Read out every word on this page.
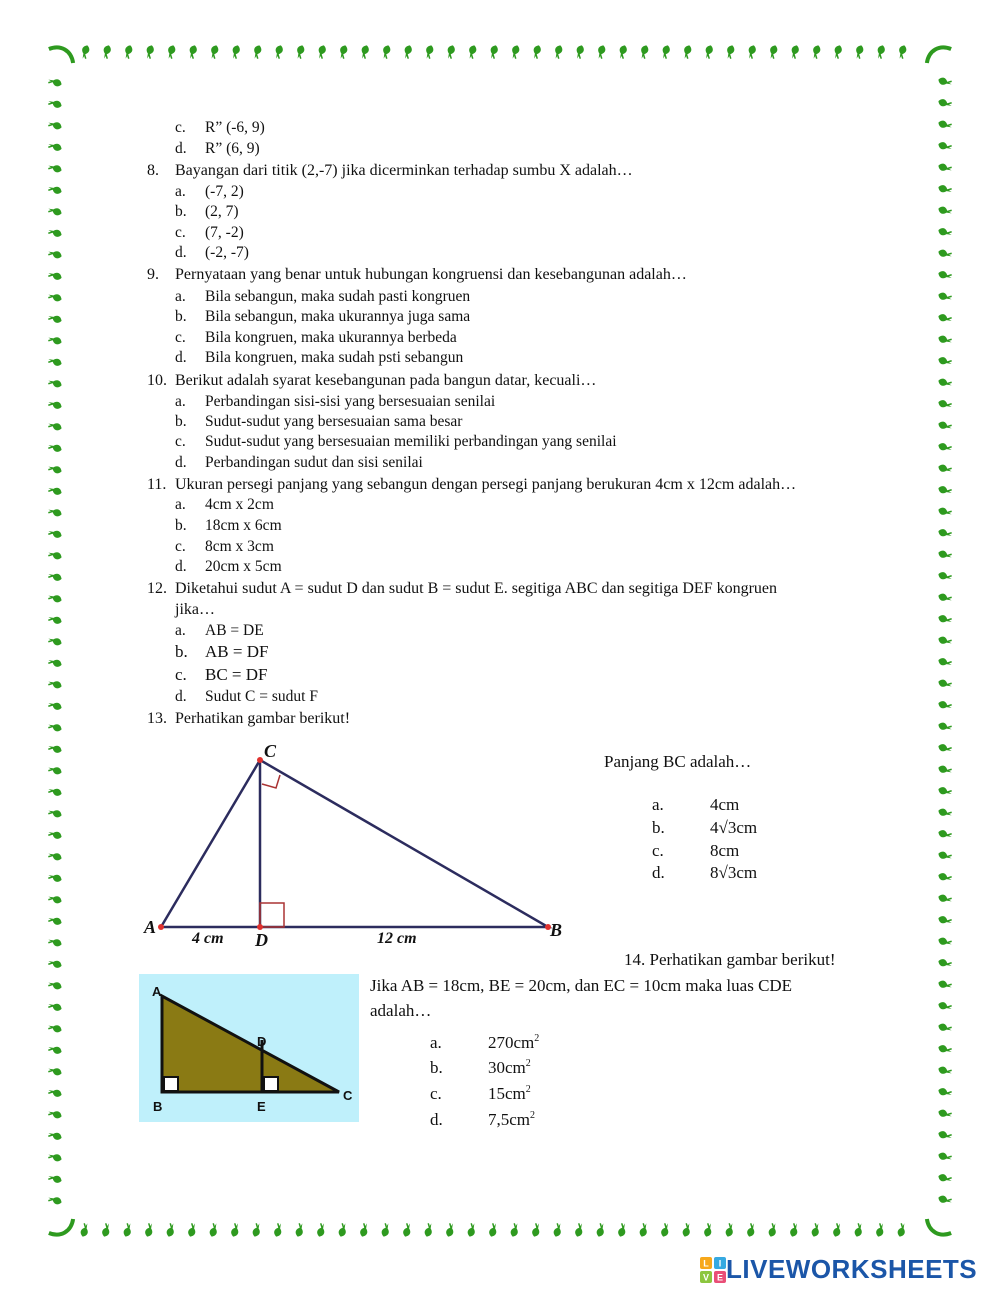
c. R” (-6, 9)
d. R” (6, 9)
8. Bayangan dari titik (2,-7) jika dicerminkan terhadap sumbu X adalah…
a. (-7, 2)
b. (2, 7)
c. (7, -2)
d. (-2, -7)
9. Pernyataan yang benar untuk hubungan kongruensi dan kesebangunan adalah…
a. Bila sebangun, maka sudah pasti kongruen
b. Bila sebangun, maka ukurannya juga sama
c. Bila kongruen, maka ukurannya berbeda
d. Bila kongruen, maka sudah psti sebangun
10. Berikut adalah syarat kesebangunan pada bangun datar, kecuali…
a. Perbandingan sisi-sisi yang bersesuaian senilai
b. Sudut-sudut yang bersesuaian sama besar
c. Sudut-sudut yang bersesuaian memiliki perbandingan yang senilai
d. Perbandingan sudut dan sisi senilai
11. Ukuran persegi panjang yang sebangun dengan persegi panjang berukuran 4cm x 12cm adalah…
a. 4cm x 2cm
b. 18cm x 6cm
c. 8cm x 3cm
d. 20cm x 5cm
12. Diketahui sudut A = sudut D dan sudut B = sudut E. segitiga ABC dan segitiga DEF kongruen
jika…
a. AB = DE
b. AB = DF
c. BC = DF
d. Sudut C = sudut F
13. Perhatikan gambar berikut!
C
A	B
D
4 cm	12 cm
Panjang BC adalah…
a.	4cm
b.	4√3cm
c.	8cm
d.	8√3cm
14. Perhatikan gambar berikut!
Jika AB = 18cm, BE = 20cm, dan EC = 10cm maka luas CDE
adalah…
a.	$270cm^2$
b.	$30cm^2$
c.	$15cm^2$
d.	$7,5cm^2$
A
D
B	E
C
L I
V E LIVEWORKSHEETS
